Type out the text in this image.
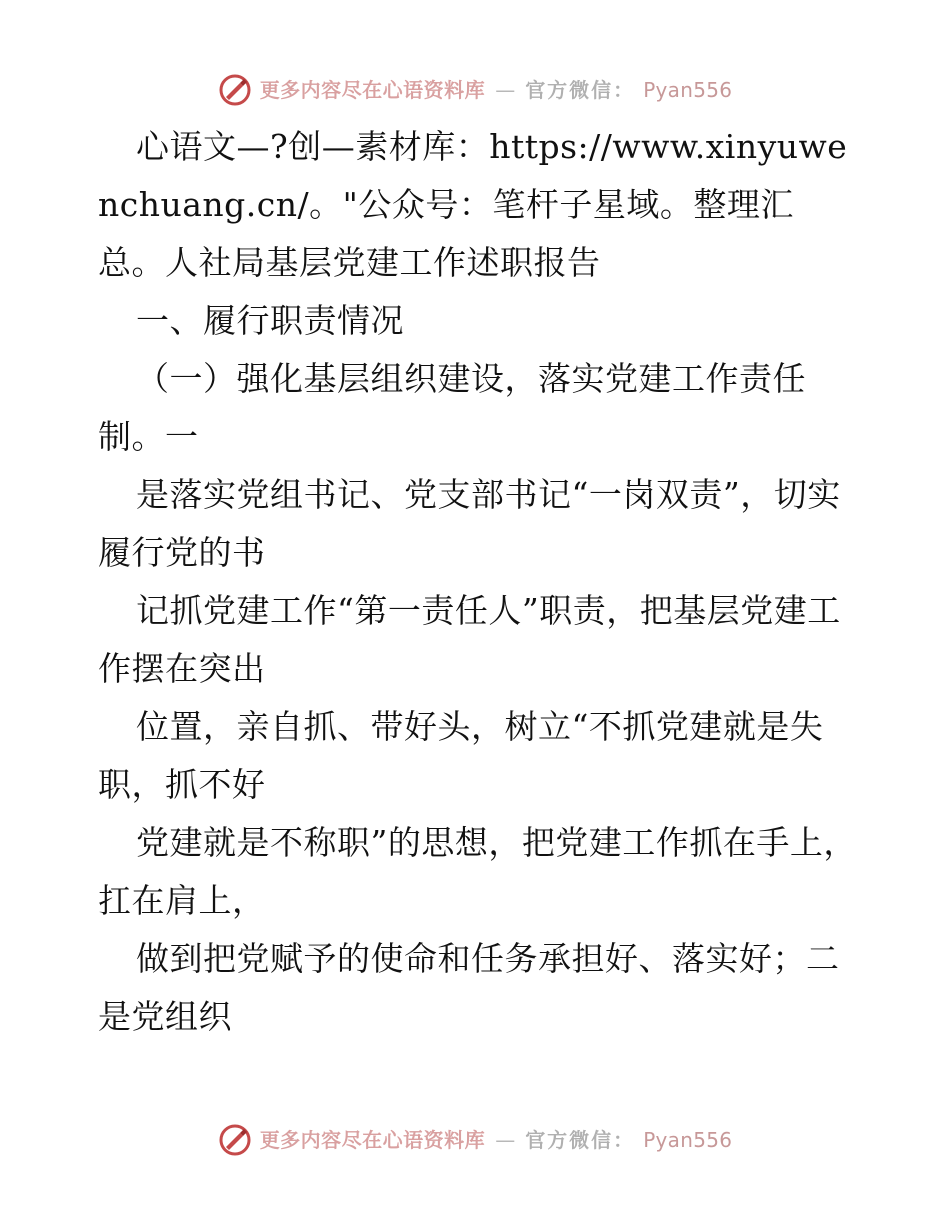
更多内容尽在心语资料库 — 官方微信： Pyan556
心语文—?创—素材库：https://www.xinyuwenchuang.cn/。"公众号：笔杆子星域。整理汇总。人社局基层党建工作述职报告
一、履行职责情况
（一）强化基层组织建设，落实党建工作责任制。一
是落实党组书记、党支部书记“一岗双责”，切实履行党的书
记抓党建工作“第一责任人”职责，把基层党建工作摆在突出
位置，亲自抓、带好头，树立“不抓党建就是失职，抓不好
党建就是不称职”的思想，把党建工作抓在手上，扛在肩上，
做到把党赋予的使命和任务承担好、落实好；二是党组织
更多内容尽在心语资料库 — 官方微信： Pyan556
